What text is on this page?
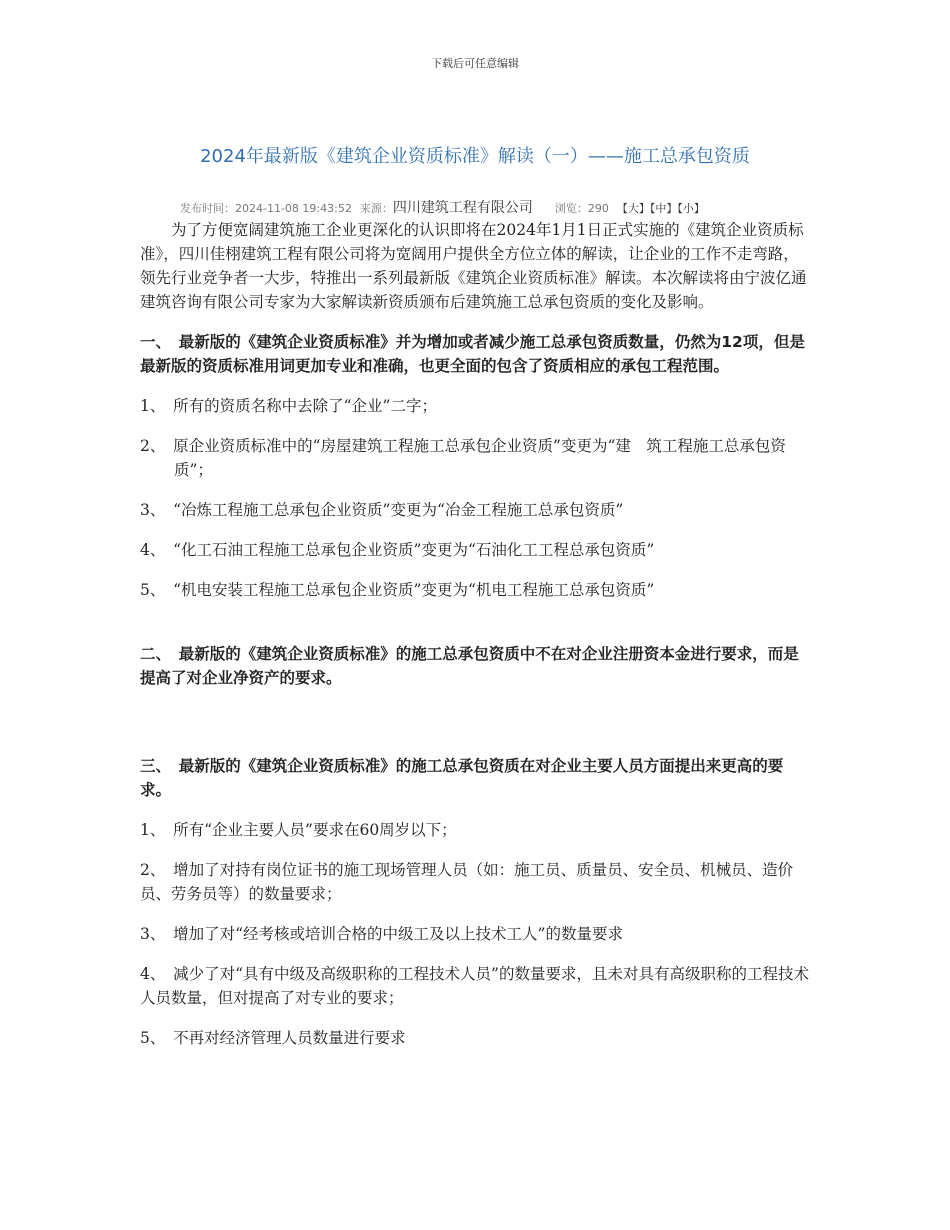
下载后可任意编辑
2024年最新版《建筑企业资质标准》解读（一）——施工总承包资质
发布时间：2024-11-08 19:43:52 来源：四川建筑工程有限公司 浏览：290 【大】【中】【小】

为了方便宽阔建筑施工企业更深化的认识即将在2024年1月1日正式实施的《建筑企业资质标准》，四川佳栩建筑工程有限公司将为宽阔用户提供全方位立体的解读，让企业的工作不走弯路，领先行业竞争者一大步，特推出一系列最新版《建筑企业资质标准》解读。本次解读将由宁波亿通建筑咨询有限公司专家为大家解读新资质颁布后建筑施工总承包资质的变化及影响。

一、　最新版的《建筑企业资质标准》并为增加或者减少施工总承包资质数量，仍然为12项，但是最新版的资质标准用词更加专业和准确，也更全面的包含了资质相应的承包工程范围。

1、　所有的资质名称中去除了“企业”二字；

2、　原企业资质标准中的“房屋建筑工程施工总承包企业资质”变更为“建　筑工程施工总承包资质”；

3、　“冶炼工程施工总承包企业资质”变更为“冶金工程施工总承包资质”

4、　“化工石油工程施工总承包企业资质”变更为“石油化工工程总承包资质”

5、　“机电安装工程施工总承包企业资质”变更为“机电工程施工总承包资质”

二、　最新版的《建筑企业资质标准》的施工总承包资质中不在对企业注册资本金进行要求，而是提高了对企业净资产的要求。

三、　最新版的《建筑企业资质标准》的施工总承包资质在对企业主要人员方面提出来更高的要求。

1、　所有“企业主要人员”要求在60周岁以下；

2、　增加了对持有岗位证书的施工现场管理人员（如：施工员、质量员、安全员、机械员、造价员、劳务员等）的数量要求；

3、　增加了对“经考核或培训合格的中级工及以上技术工人”的数量要求

4、　减少了对“具有中级及高级职称的工程技术人员”的数量要求，且未对具有高级职称的工程技术人员数量，但对提高了对专业的要求；

5、　不再对经济管理人员数量进行要求
